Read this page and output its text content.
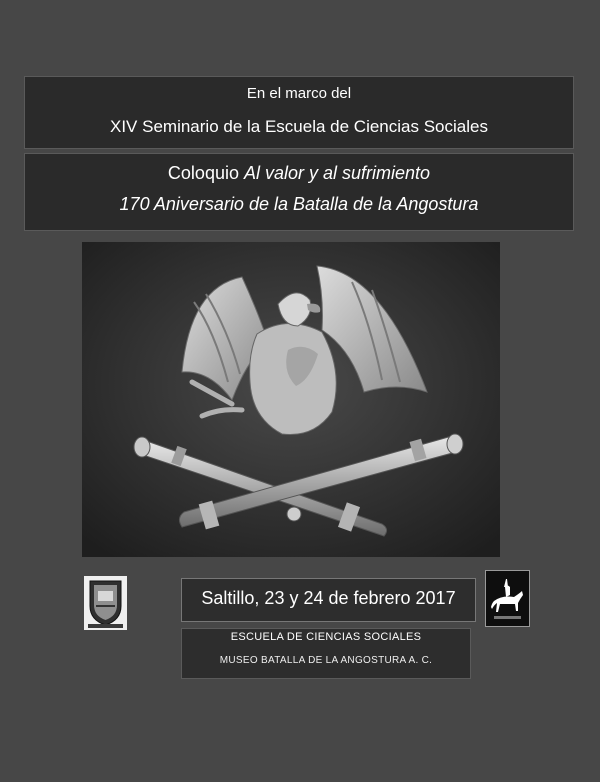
En el marco del
XIV Seminario de la Escuela de Ciencias Sociales
Coloquio Al valor y al sufrimiento
170 Aniversario de la Batalla de la Angostura
Saltillo, 23 y 24 de febrero 2017
ESCUELA DE CIENCIAS SOCIALES
MUSEO BATALLA DE LA ANGOSTURA A. C.
